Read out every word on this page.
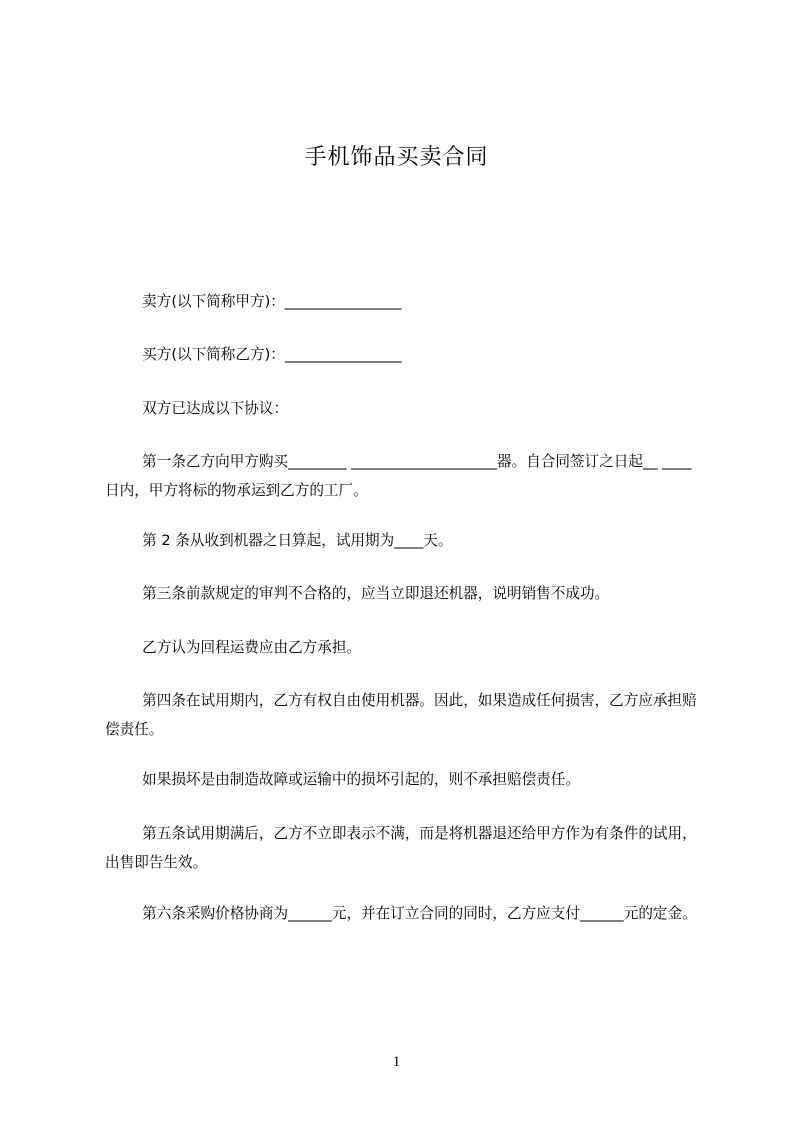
手机饰品买卖合同
卖方(以下简称甲方)：________________
买方(以下简称乙方)：________________
双方已达成以下协议：
第一条乙方向甲方购买________ ____________________器。自合同签订之日起__ ____日内，甲方将标的物承运到乙方的工厂。
第 2 条从收到机器之日算起，试用期为____天。
第三条前款规定的审判不合格的，应当立即退还机器，说明销售不成功。
乙方认为回程运费应由乙方承担。
第四条在试用期内，乙方有权自由使用机器。因此，如果造成任何损害，乙方应承担赔偿责任。
如果损坏是由制造故障或运输中的损坏引起的，则不承担赔偿责任。
第五条试用期满后，乙方不立即表示不满，而是将机器退还给甲方作为有条件的试用，出售即告生效。
第六条采购价格协商为______元，并在订立合同的同时，乙方应支付______元的定金。
1
